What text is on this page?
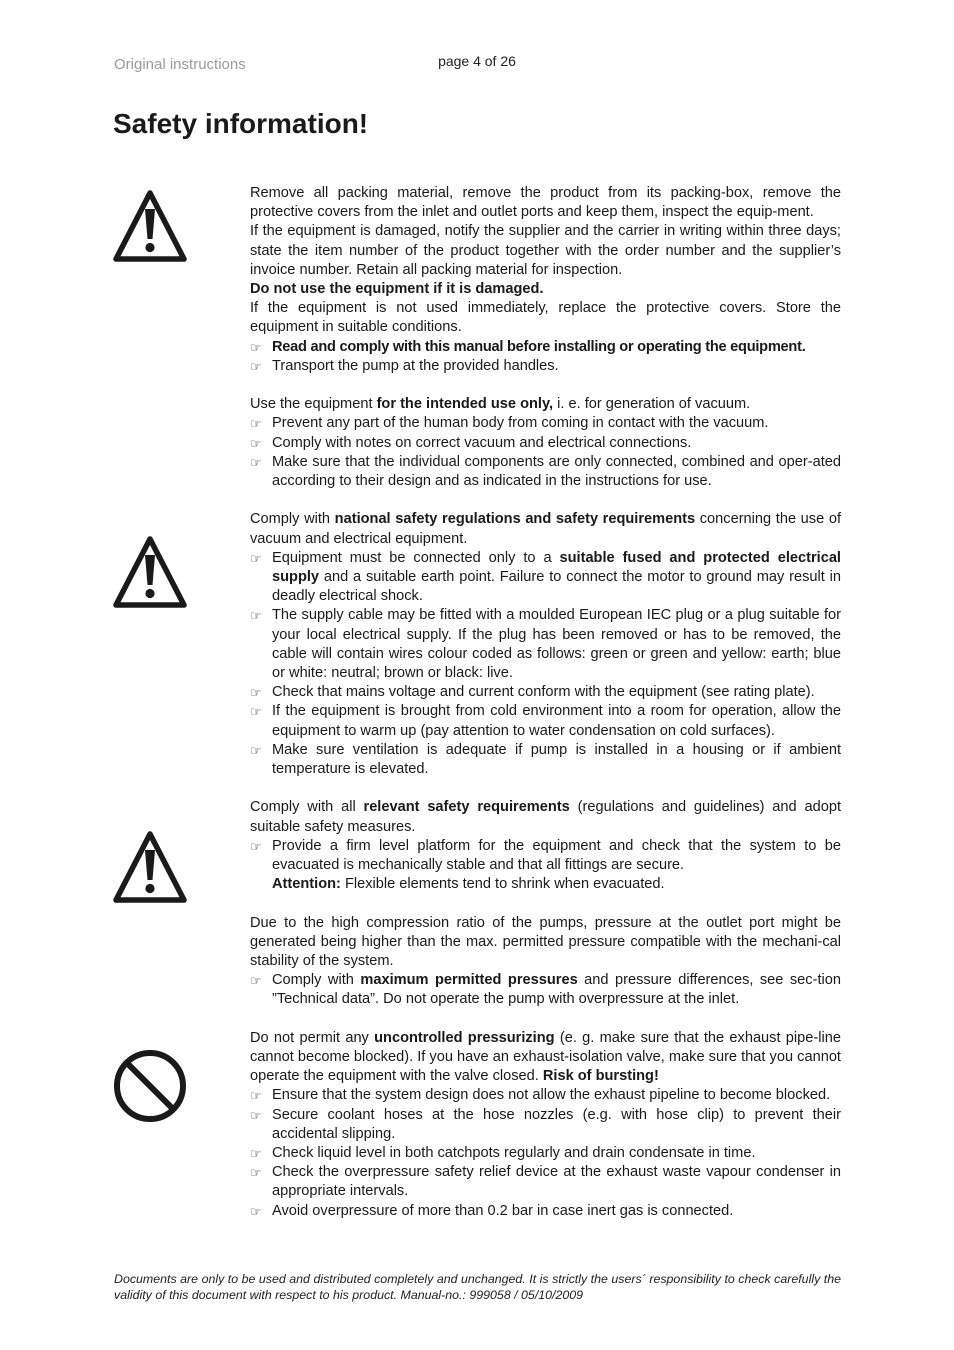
Original instructions	page 4 of 26
Safety information!

Remove all packing material, remove the product from its packing-box, remove the protective covers from the inlet and outlet ports and keep them, inspect the equip-ment.

If the equipment is damaged, notify the supplier and the carrier in writing within three days; state the item number of the product together with the order number and the supplier’s invoice number. Retain all packing material for inspection.

Do not use the equipment if it is damaged.

If the equipment is not used immediately, replace the protective covers. Store the equipment in suitable conditions.

☞ Read and comply with this manual before installing or operating the equipment.
☞ Transport the pump at the provided handles.

Use the equipment for the intended use only, i. e. for generation of vacuum.

☞ Prevent any part of the human body from coming in contact with the vacuum.
☞ Comply with notes on correct vacuum and electrical connections.
☞ Make sure that the individual components are only connected, combined and oper-ated according to their design and as indicated in the instructions for use.

Comply with national safety regulations and safety requirements concerning the use of vacuum and electrical equipment.

☞ Equipment must be connected only to a suitable fused and protected electrical supply and a suitable earth point. Failure to connect the motor to ground may result in deadly electrical shock.
☞ The supply cable may be fitted with a moulded European IEC plug or a plug suitable for your local electrical supply. If the plug has been removed or has to be removed, the cable will contain wires colour coded as follows: green or green and yellow: earth; blue or white: neutral; brown or black: live.
☞ Check that mains voltage and current conform with the equipment (see rating plate).
☞ If the equipment is brought from cold environment into a room for operation, allow the equipment to warm up (pay attention to water condensation on cold surfaces).
☞ Make sure ventilation is adequate if pump is installed in a housing or if ambient temperature is elevated.

Comply with all relevant safety requirements (regulations and guidelines) and adopt suitable safety measures.

☞ Provide a firm level platform for the equipment and check that the system to be evacuated is mechanically stable and that all fittings are secure.
Attention: Flexible elements tend to shrink when evacuated.

Due to the high compression ratio of the pumps, pressure at the outlet port might be generated being higher than the max. permitted pressure compatible with the mechani-cal stability of the system.

☞ Comply with maximum permitted pressures and pressure differences, see sec-tion ”Technical data”. Do not operate the pump with overpressure at the inlet.

Do not permit any uncontrolled pressurizing (e. g. make sure that the exhaust pipe-line cannot become blocked). If you have an exhaust-isolation valve, make sure that you cannot operate the equipment with the valve closed. Risk of bursting!

☞ Ensure that the system design does not allow the exhaust pipeline to become blocked.
☞ Secure coolant hoses at the hose nozzles (e.g. with hose clip) to prevent their accidental slipping.
☞ Check liquid level in both catchpots regularly and drain condensate in time.
☞ Check the overpressure safety relief device at the exhaust waste vapour condenser in appropriate intervals.
☞ Avoid overpressure of more than 0.2 bar in case inert gas is connected.
Documents are only to be used and distributed completely and unchanged. It is strictly the users´ responsibility to check carefully the validity of this document with respect to his product. Manual-no.: 999058 / 05/10/2009
